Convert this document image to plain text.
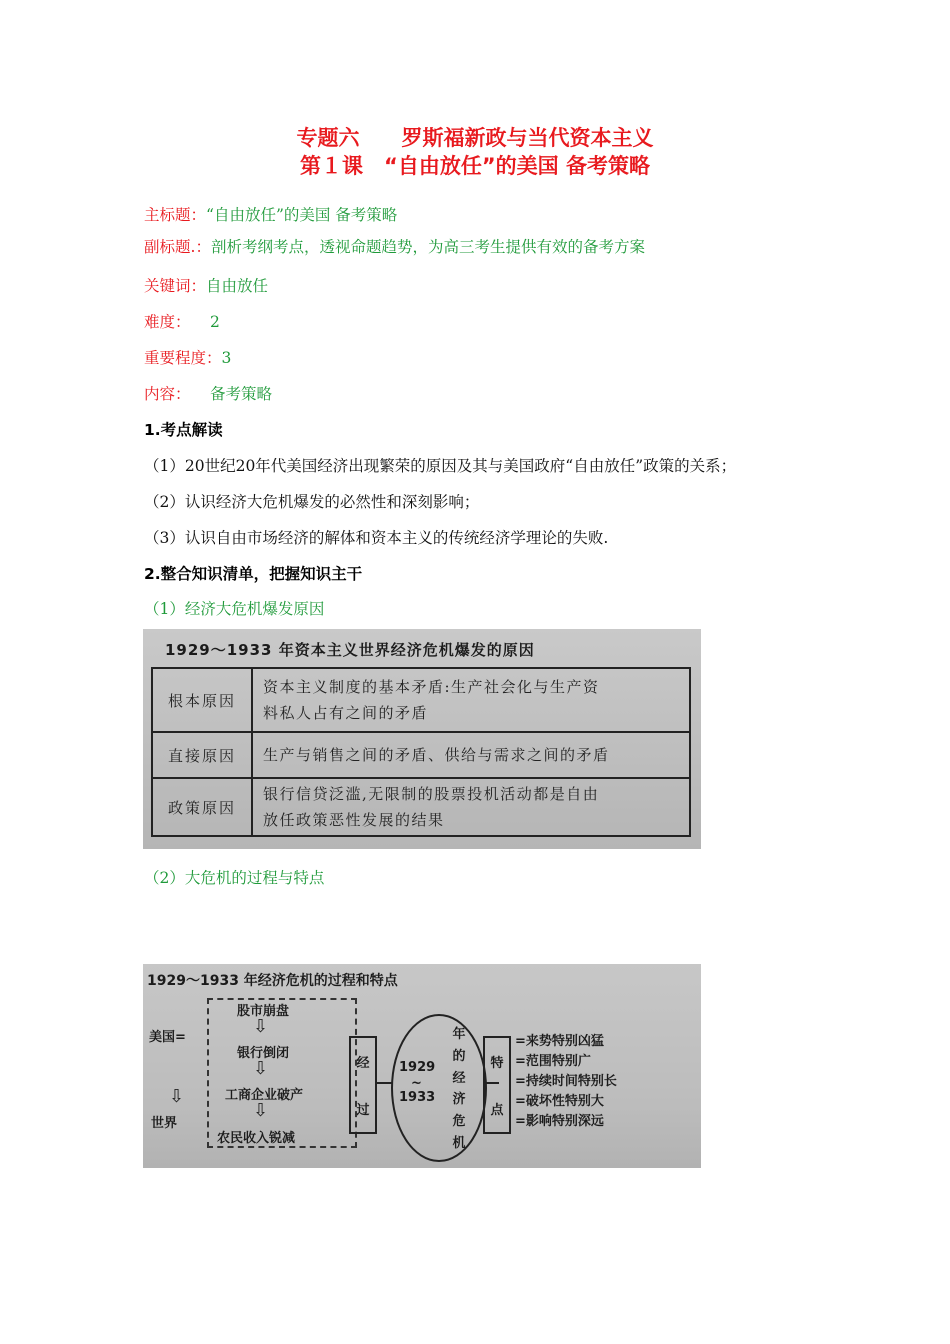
专题六　　罗斯福新政与当代资本主义
第１课　“自由放任”的美国 备考策略
主标题：“自由放任”的美国 备考策略
副标题.：剖析考纲考点，透视命题趋势，为高三考生提供有效的备考方案
关键词：自由放任
难度： 2
重要程度：3
内容： 备考策略
1.考点解读
（1）20世纪20年代美国经济出现繁荣的原因及其与美国政府“自由放任”政策的关系；
（2）认识经济大危机爆发的必然性和深刻影响；
（3）认识自由市场经济的解体和资本主义的传统经济学理论的失败.
2.整合知识清单，把握知识主干
（1）经济大危机爆发原因
1929～1933 年资本主义世界经济危机爆发的原因
根本原因
资本主义制度的基本矛盾:生产社会化与生产资
料私人占有之间的矛盾
直接原因	生产与销售之间的矛盾、供给与需求之间的矛盾
政策原因
银行信贷泛滥,无限制的股票投机活动都是自由
放任政策恶性发展的结果
（2）大危机的过程与特点
1929～1933 年经济危机的过程和特点
美国=
⇩
世界
股市崩盘
⇩
银行倒闭
⇩
工商企业破产
⇩
农民收入锐减
经
过
1929
~
1933
年
的
经
济
危
机
特
点
=来势特别凶猛
=范围特别广
=持续时间特别长
=破坏性特别大
=影响特别深远
